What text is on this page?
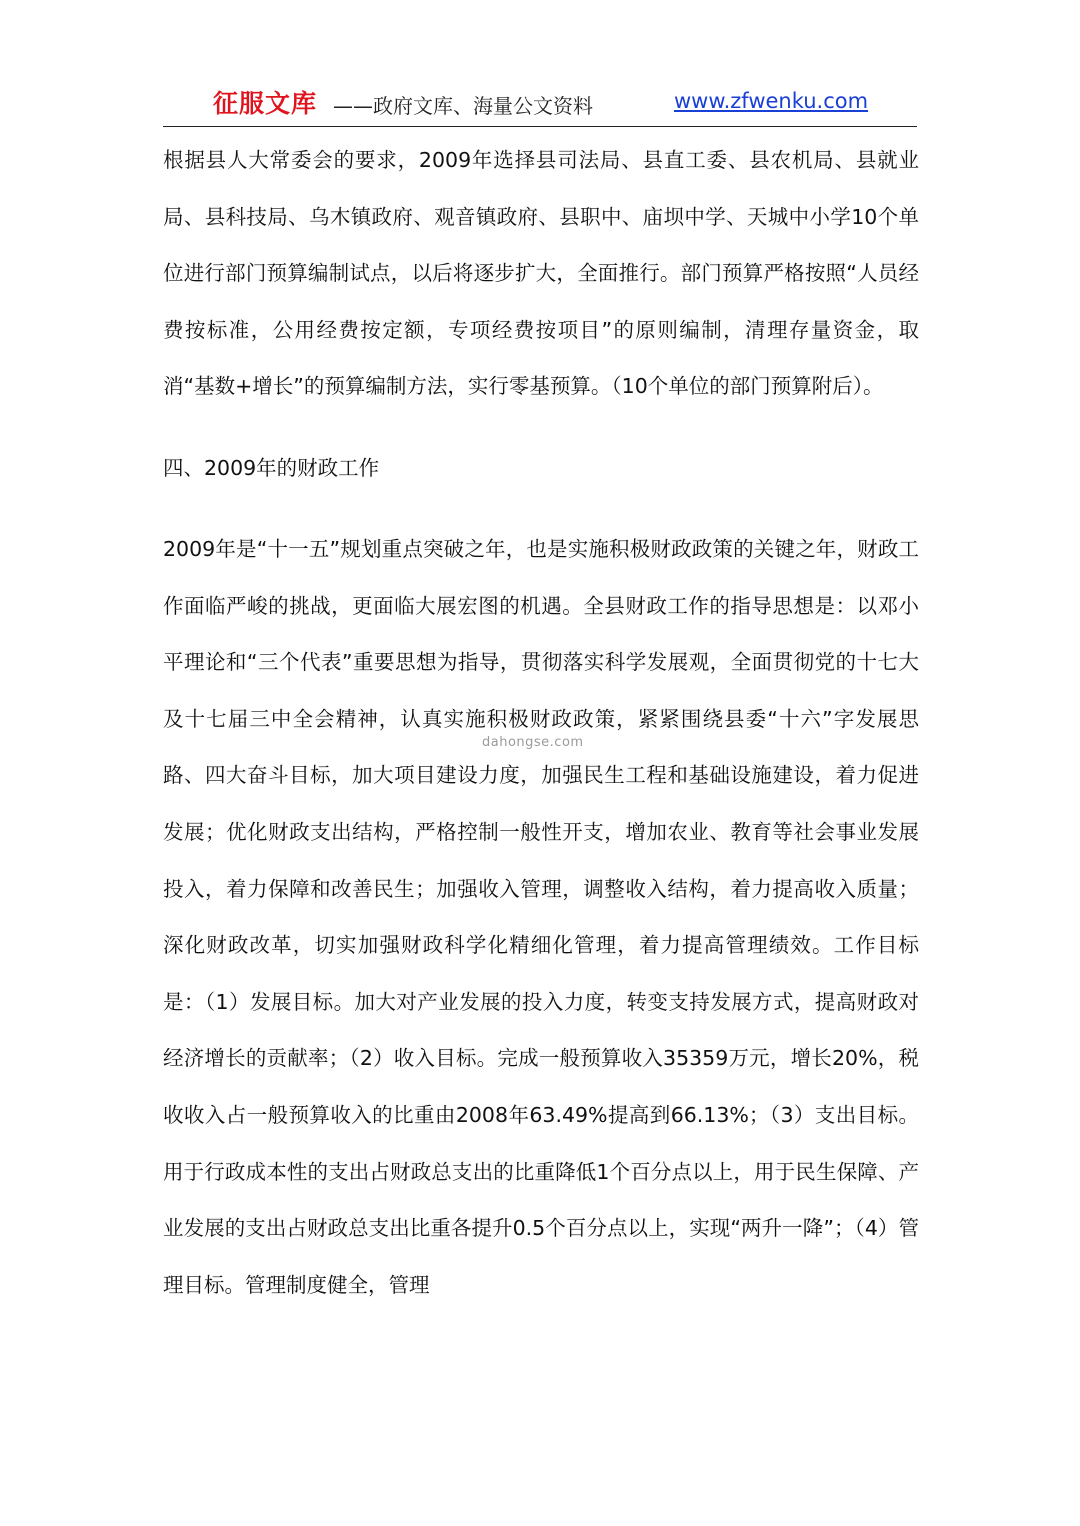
征服文库 ——政府文库、海量公文资料	www.zfwenku.com

根据县人大常委会的要求，2009年选择县司法局、县直工委、县农机局、县就业局、县科技局、乌木镇政府、观音镇政府、县职中、庙坝中学、天城中小学10个单位进行部门预算编制试点，以后将逐步扩大，全面推行。部门预算严格按照“人员经费按标准，公用经费按定额，专项经费按项目”的原则编制，清理存量资金，取消“基数+增长”的预算编制方法，实行零基预算。（10个单位的部门预算附后）。

四、2009年的财政工作

2009年是“十一五”规划重点突破之年，也是实施积极财政政策的关键之年，财政工作面临严峻的挑战，更面临大展宏图的机遇。全县财政工作的指导思想是：以邓小平理论和“三个代表”重要思想为指导，贯彻落实科学发展观，全面贯彻党的十七大及十七届三中全会精神，认真实施积极财政政策，紧紧围绕县委“十六”字发展思路、四大奋斗目标，加大项目建设力度，加强民生工程和基础设施建设，着力促进发展；优化财政支出结构，严格控制一般性开支，增加农业、教育等社会事业发展投入，着力保障和改善民生；加强收入管理，调整收入结构，着力提高收入质量；深化财政改革，切实加强财政科学化精细化管理，着力提高管理绩效。工作目标是：（1）发展目标。加大对产业发展的投入力度，转变支持发展方式，提高财政对经济增长的贡献率；（2）收入目标。完成一般预算收入35359万元，增长20%，税收收入占一般预算收入的比重由2008年63.49%提高到66.13%；（3）支出目标。用于行政成本性的支出占财政总支出的比重降低1个百分点以上，用于民生保障、产业发展的支出占财政总支出比重各提升0.5个百分点以上，实现“两升一降”；（4）管理目标。管理制度健全，管理

dahongse.com
